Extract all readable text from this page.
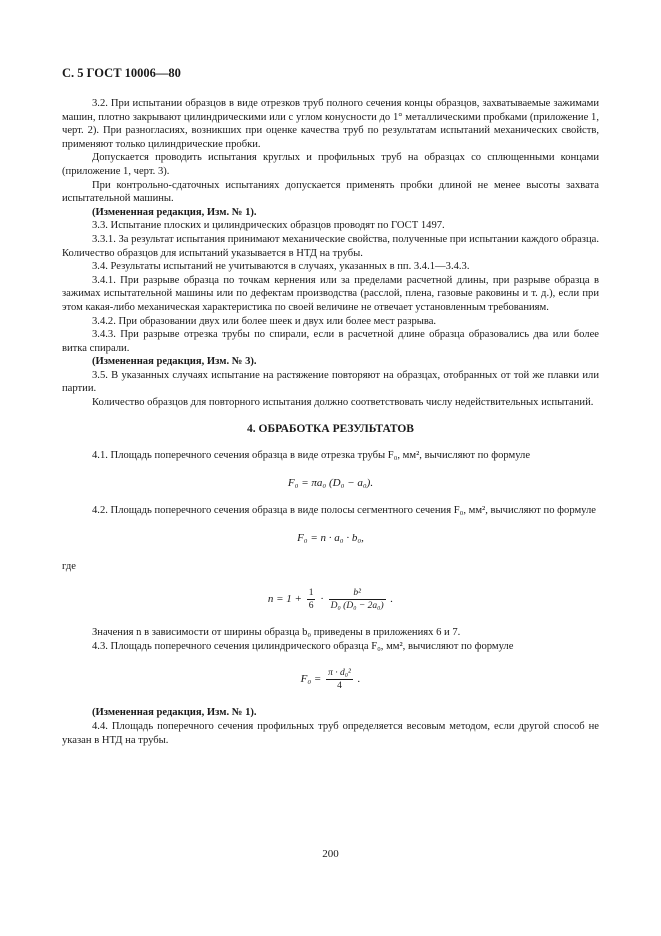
С. 5 ГОСТ 10006—80

3.2. При испытании образцов в виде отрезков труб полного сечения концы образцов, захватываемые зажимами машин, плотно закрывают цилиндрическими или с углом конусности до 1° металлическими пробками (приложение 1, черт. 2). При разногласиях, возникших при оценке качества труб по результатам испытаний механических свойств, применяют только цилиндрические пробки.

Допускается проводить испытания круглых и профильных труб на образцах со сплющенными концами (приложение 1, черт. 3).

При контрольно-сдаточных испытаниях допускается применять пробки длиной не менее высоты захвата испытательной машины.

(Измененная редакция, Изм. № 1).

3.3. Испытание плоских и цилиндрических образцов проводят по ГОСТ 1497.

3.3.1. За результат испытания принимают механические свойства, полученные при испытании каждого образца. Количество образцов для испытаний указывается в НТД на трубы.

3.4. Результаты испытаний не учитываются в случаях, указанных в пп. 3.4.1—3.4.3.

3.4.1. При разрыве образца по точкам кернения или за пределами расчетной длины, при разрыве образца в зажимах испытательной машины или по дефектам производства (расслой, плена, газовые раковины и т. д.), если при этом какая-либо механическая характеристика по своей величине не отвечает установленным требованиям.

3.4.2. При образовании двух или более шеек и двух или более мест разрыва.

3.4.3. При разрыве отрезка трубы по спирали, если в расчетной длине образца образовались два или более витка спирали.

(Измененная редакция, Изм. № 3).

3.5. В указанных случаях испытание на растяжение повторяют на образцах, отобранных от той же плавки или партии.

Количество образцов для повторного испытания должно соответствовать числу недействительных испытаний.

4. ОБРАБОТКА РЕЗУЛЬТАТОВ

4.1. Площадь поперечного сечения образца в виде отрезка трубы F₀, мм², вычисляют по формуле

F₀ = πa₀ (D₀ − a₀).

4.2. Площадь поперечного сечения образца в виде полосы сегментного сечения F₀, мм², вычисляют по формуле

F₀ = n · a₀ · b₀,

где

$n = 1 + \frac{1}{6} \cdot \frac{\text{b²}}{\text{D₀ (D₀ − 2a₀)}}$ .

Значения n в зависимости от ширины образца b₀ приведены в приложениях 6 и 7.

4.3. Площадь поперечного сечения цилиндрического образца F₀, мм², вычисляют по формуле

$F_0 = \frac{\text{π · d₀²}}{4}$ .

(Измененная редакция, Изм. № 1).

4.4. Площадь поперечного сечения профильных труб определяется весовым методом, если другой способ не указан в НТД на трубы.

200
